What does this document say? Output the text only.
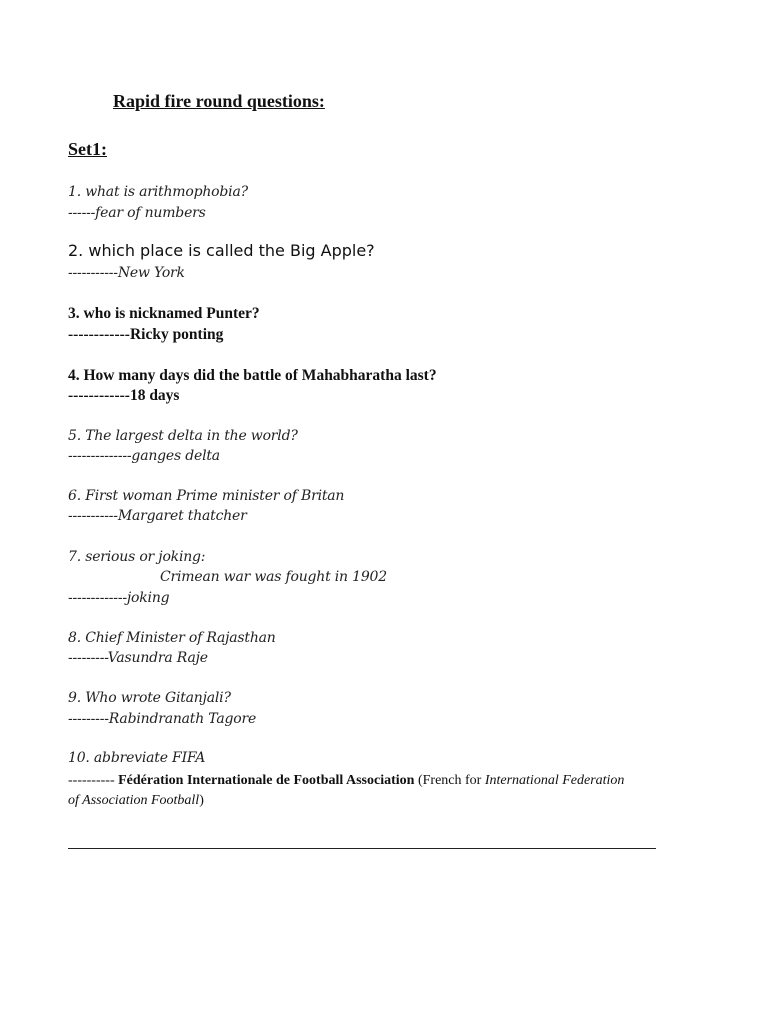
Rapid fire round questions:
Set1:
1. what is arithmophobia?
------fear of numbers
2. which place is called the Big Apple?
-----------New York
3. who is nicknamed Punter?
------------Ricky ponting
4. How many days did the battle of Mahabharatha last?
------------18 days
5. The largest delta in the world?
--------------ganges delta
6. First woman Prime minister of Britan
-----------Margaret thatcher
7. serious or joking:
Crimean war was fought in 1902
-------------joking
8. Chief Minister of Rajasthan
---------Vasundra Raje
9. Who wrote Gitanjali?
---------Rabindranath Tagore
10. abbreviate FIFA
---------- Fédération Internationale de Football Association (French for International Federation of Association Football)
